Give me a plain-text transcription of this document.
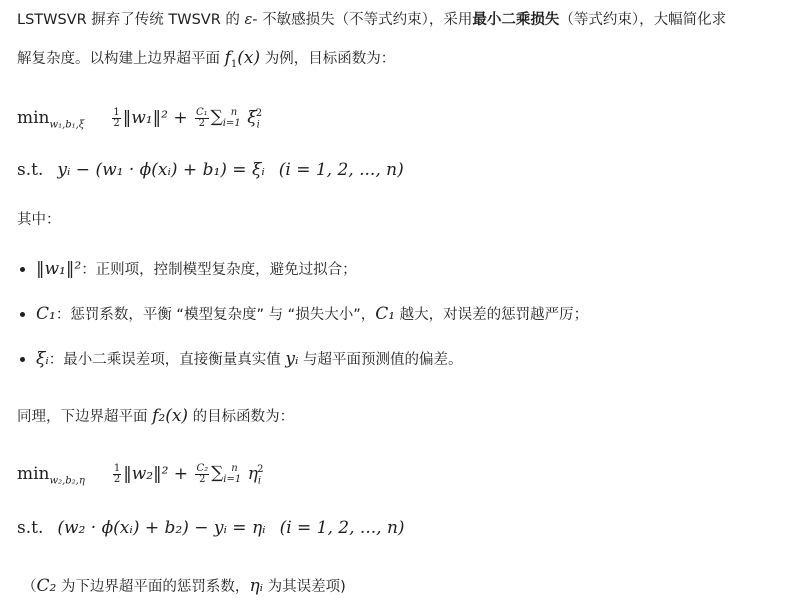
LSTWSVR 摒弃了传统 TWSVR 的 ε- 不敏感损失（不等式约束），采用最小二乘损失（等式约束），大幅简化求
解复杂度。以构建上边界超平面 $f_1(x)$ 为例，目标函数为：
$\min_{w_1,b_1,\xi}$	$\frac{1}{2}$ ‖w₁‖² + $\frac{\text{C₁}}{2} \sum_{i=1}^n$ $\xi_i^2$
s.t. yᵢ − (w₁ · ϕ(xᵢ) + b₁) = ξᵢ (i = 1, 2, ..., n)
其中：
‖w₁‖²：正则项，控制模型复杂度，避免过拟合；
C₁：惩罚系数，平衡 “模型复杂度” 与 “损失大小”，C₁ 越大，对误差的惩罚越严厉；
ξᵢ：最小二乘误差项，直接衡量真实值 yᵢ 与超平面预测值的偏差。
同理，下边界超平面 f₂(x) 的目标函数为：
$\min_{w_2,b_2,\eta}$	$\frac{1}{2}$ ‖w₂‖² + $\frac{\text{C₂}}{2} \sum_{i=1}^n$ $\eta_i^2$
s.t. (w₂ · ϕ(xᵢ) + b₂) − yᵢ = ηᵢ (i = 1, 2, ..., n)
（C₂ 为下边界超平面的惩罚系数，ηᵢ 为其误差项)
